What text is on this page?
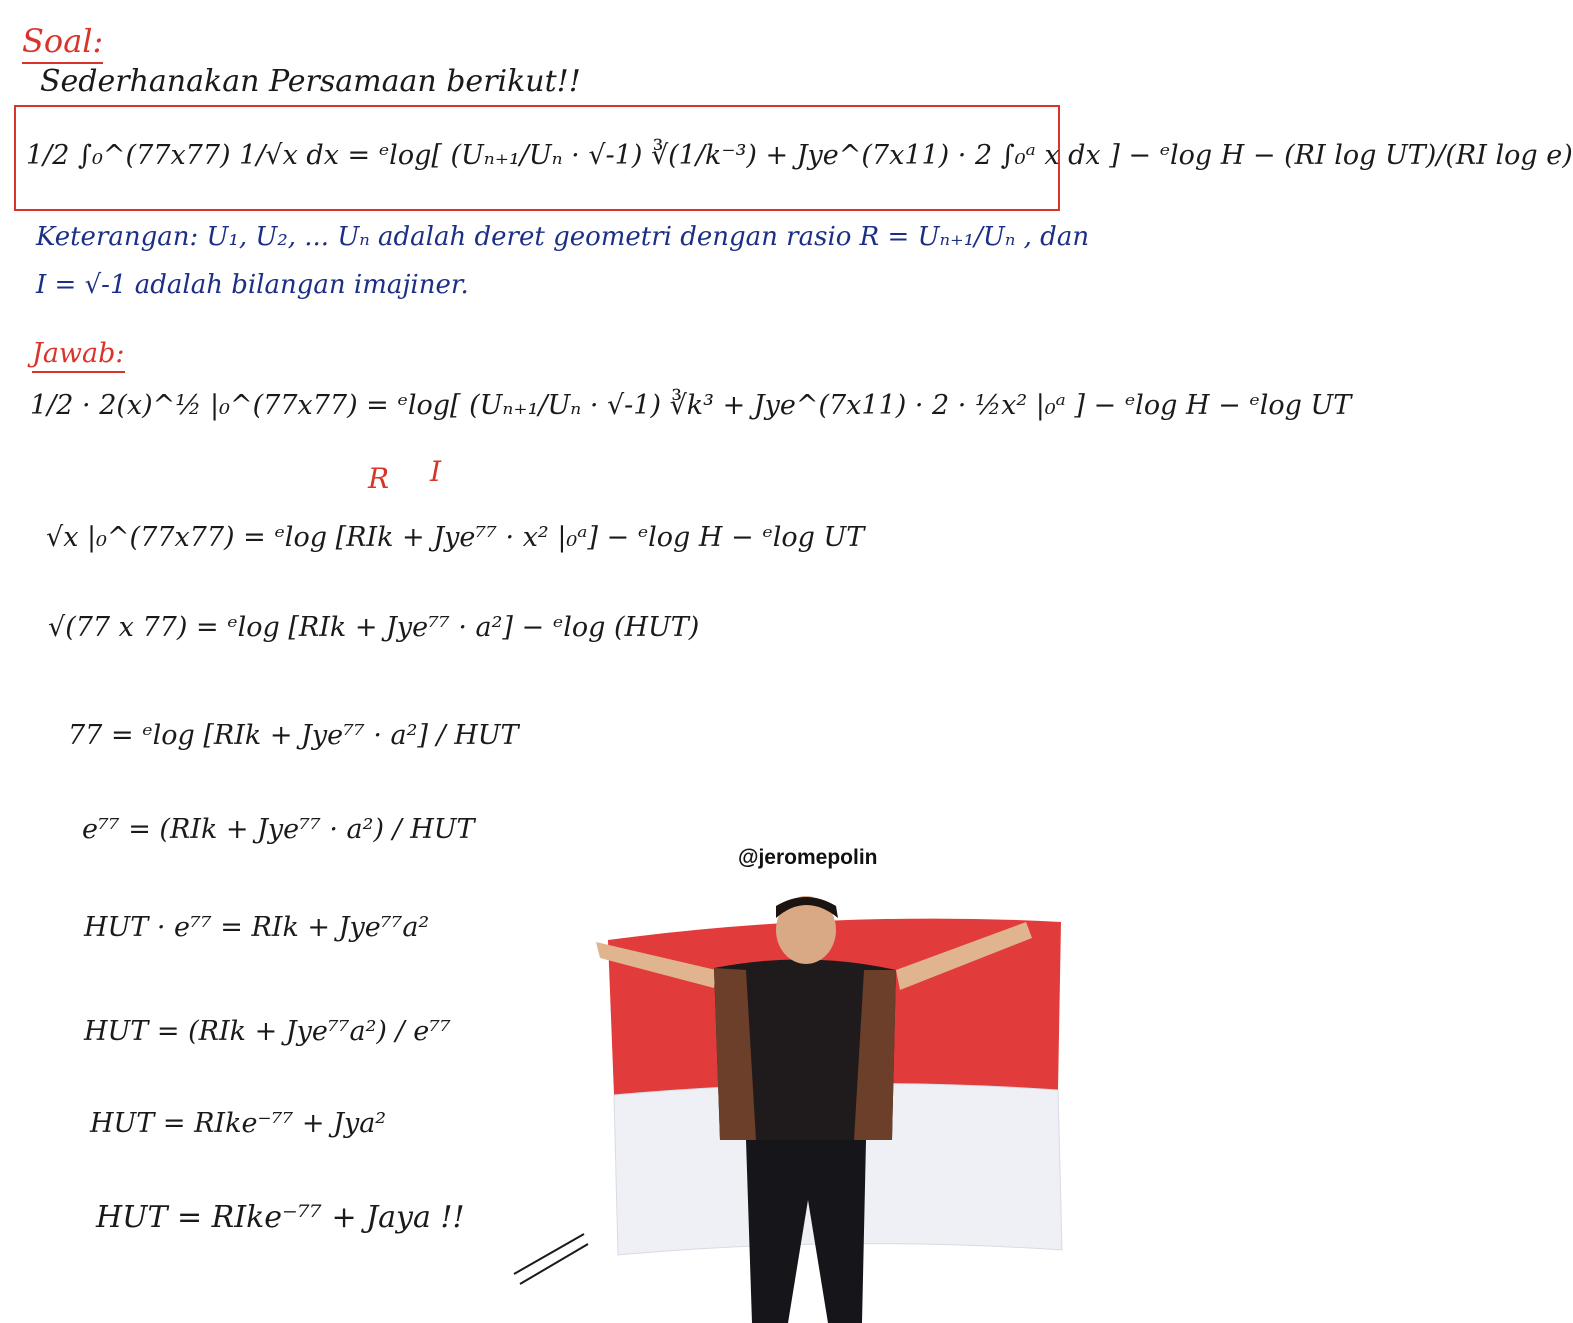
Soal:
Sederhanakan Persamaan berikut!!
1/2 ∫₀^(77x77) 1/√x dx = ᵉlog[ (Uₙ₊₁/Uₙ · √-1) ∛(1/k⁻³) + Jye^(7x11) · 2 ∫₀ᵃ x dx ] − ᵉlog H − (RI log UT)/(RI log e)
Keterangan: U₁, U₂, ... Uₙ adalah deret geometri dengan rasio R = Uₙ₊₁/Uₙ , dan
I = √-1 adalah bilangan imajiner.
Jawab:
1/2 · 2(x)^½ |₀^(77x77) = ᵉlog[ (Uₙ₊₁/Uₙ · √-1) ∛k³ + Jye^(7x11) · 2 · ½x² |₀ᵃ ] − ᵉlog H − ᵉlog UT
R I
√x |₀^(77x77) = ᵉlog [RIk + Jye⁷⁷ · x² |₀ᵃ] − ᵉlog H − ᵉlog UT
√(77 x 77) = ᵉlog [RIk + Jye⁷⁷ · a²] − ᵉlog (HUT)
77 = ᵉlog [RIk + Jye⁷⁷ · a²] / HUT
e⁷⁷ = (RIk + Jye⁷⁷ · a²) / HUT
HUT · e⁷⁷ = RIk + Jye⁷⁷a²
HUT = (RIk + Jye⁷⁷a²) / e⁷⁷
HUT = RIke⁻⁷⁷ + Jya²
HUT = RIke⁻⁷⁷ + Jaya !!
@jeromepolin
